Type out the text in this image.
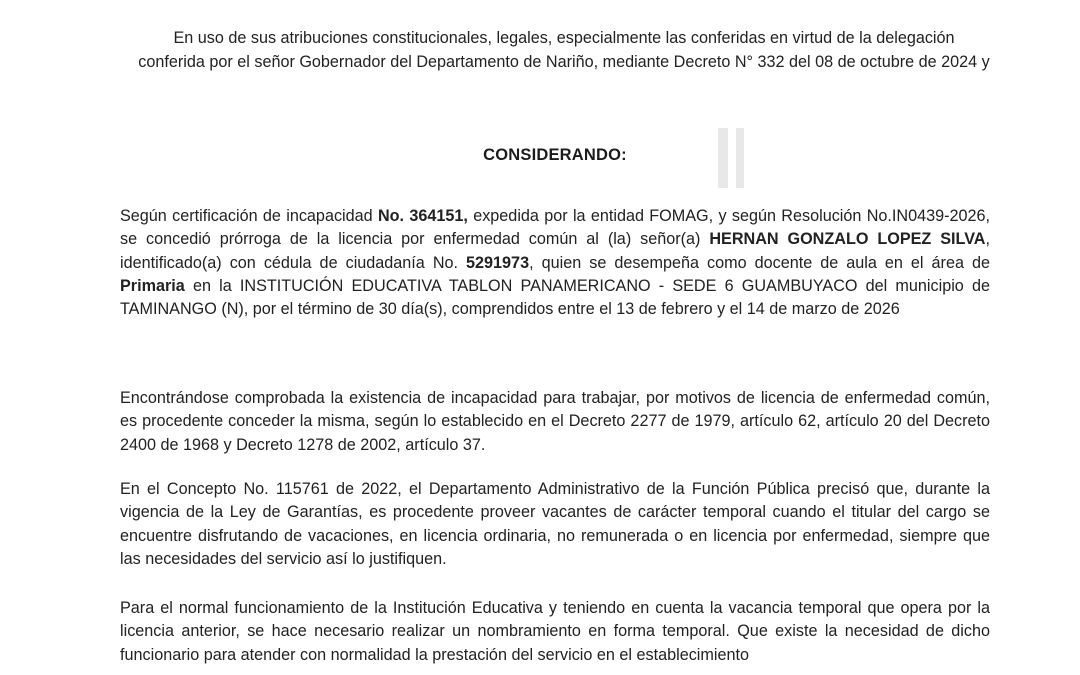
En uso de sus atribuciones constitucionales, legales, especialmente las conferidas en virtud de la delegación conferida por el señor Gobernador del Departamento de Nariño, mediante Decreto N° 332 del 08 de octubre de 2024 y
CONSIDERANDO:
Según certificación de incapacidad No. 364151, expedida por la entidad FOMAG, y según Resolución No.IN0439-2026, se concedió prórroga de la licencia por enfermedad común al (la) señor(a) HERNAN GONZALO LOPEZ SILVA, identificado(a) con cédula de ciudadanía No. 5291973, quien se desempeña como docente de aula en el área de Primaria en la INSTITUCIÓN EDUCATIVA TABLON PANAMERICANO - SEDE 6 GUAMBUYACO del municipio de TAMINANGO (N), por el término de 30 día(s), comprendidos entre el 13 de febrero y el 14 de marzo de 2026
Encontrándose comprobada la existencia de incapacidad para trabajar, por motivos de licencia de enfermedad común, es procedente conceder la misma, según lo establecido en el Decreto 2277 de 1979, artículo 62, artículo 20 del Decreto 2400 de 1968 y Decreto 1278 de 2002, artículo 37.
En el Concepto No. 115761 de 2022, el Departamento Administrativo de la Función Pública precisó que, durante la vigencia de la Ley de Garantías, es procedente proveer vacantes de carácter temporal cuando el titular del cargo se encuentre disfrutando de vacaciones, en licencia ordinaria, no remunerada o en licencia por enfermedad, siempre que las necesidades del servicio así lo justifiquen.
Para el normal funcionamiento de la Institución Educativa y teniendo en cuenta la vacancia temporal que opera por la licencia anterior, se hace necesario realizar un nombramiento en forma temporal. Que existe la necesidad de dicho funcionario para atender con normalidad la prestación del servicio en el establecimiento
